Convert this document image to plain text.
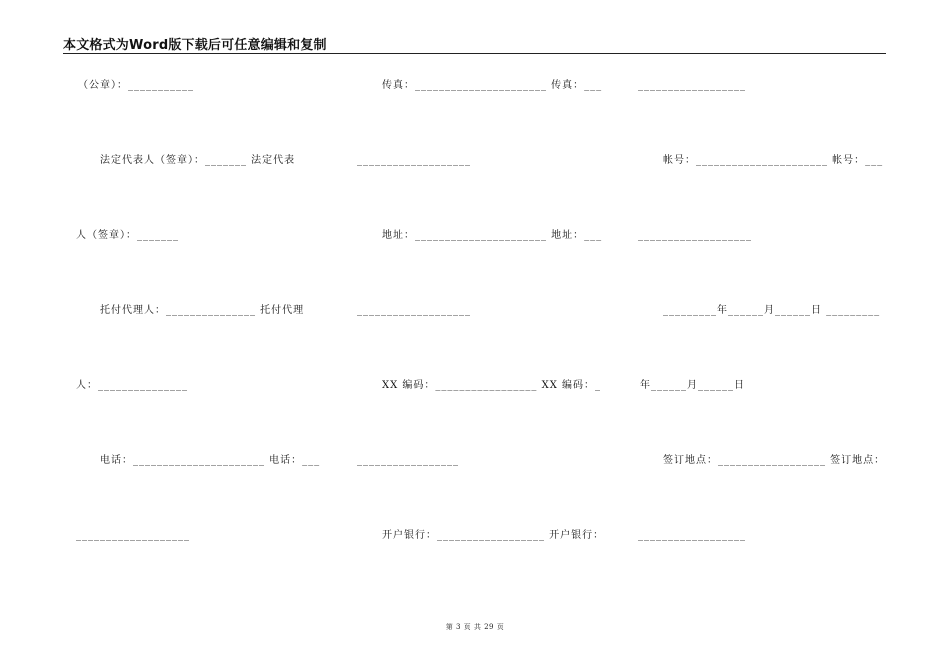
本文格式为Word版下载后可任意编辑和复制
（公章）：___________	传真：______________________ 传真：___	__________________
法定代表人（签章）：_______ 法定代表	___________________	帐号：______________________ 帐号：___
人（签章）：_______	地址：______________________ 地址：___	___________________
托付代理人：_______________ 托付代理	___________________	_________年______月______日 _________
人：_______________	XX 编码：_________________ XX 编码：_	年______月______日
电话：______________________ 电话：___	_________________	签订地点：__________________ 签订地点：
___________________	开户银行：__________________ 开户银行：	__________________
第 3 页 共 29 页
